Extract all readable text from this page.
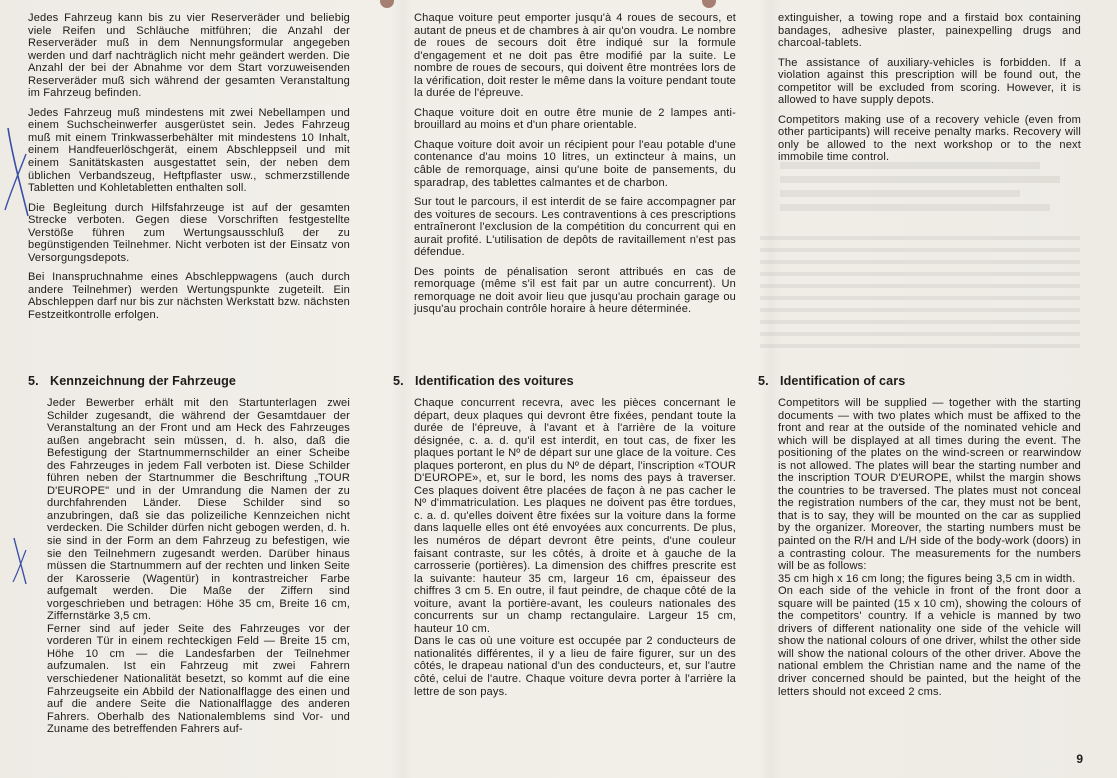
Jedes Fahrzeug kann bis zu vier Reserveräder und beliebig viele Reifen und Schläuche mitführen; die Anzahl der Reserveräder muß in dem Nennungsformular angegeben werden und darf nachträglich nicht mehr geändert werden. Die Anzahl der bei der Abnahme vor dem Start vorzuweisenden Reserveräder muß sich während der gesamten Veranstaltung im Fahrzeug befinden.

Jedes Fahrzeug muß mindestens mit zwei Nebellampen und einem Suchscheinwerfer ausgerüstet sein. Jedes Fahrzeug muß mit einem Trinkwasserbehälter mit mindestens 10 Inhalt, einem Handfeuerlöschgerät, einem Abschleppseil und mit einem Sanitätskasten ausgestattet sein, der neben dem üblichen Verbandszeug, Heftpflaster usw., schmerzstillende Tabletten und Kohletabletten enthalten soll.

Die Begleitung durch Hilfsfahrzeuge ist auf der gesamten Strecke verboten. Gegen diese Vorschriften festgestellte Verstöße führen zum Wertungsausschluß der zu begünstigenden Teilnehmer. Nicht verboten ist der Einsatz von Versorgungsdepots.

Bei Inanspruchnahme eines Abschleppwagens (auch durch andere Teilnehmer) werden Wertungspunkte zugeteilt. Ein Abschleppen darf nur bis zur nächsten Werkstatt bzw. nächsten Festzeitkontrolle erfolgen.

Chaque voiture peut emporter jusqu'à 4 roues de secours, et autant de pneus et de chambres à air qu'on voudra. Le nombre de roues de secours doit être indiqué sur la formule d'engagement et ne doit pas être modifié par la suite. Le nombre de roues de secours, qui doivent être montrées lors de la vérification, doit rester le même dans la voiture pendant toute la durée de l'épreuve.

Chaque voiture doit en outre être munie de 2 lampes anti-brouillard au moins et d'un phare orientable.

Chaque voiture doit avoir un récipient pour l'eau potable d'une contenance d'au moins 10 litres, un extincteur à mains, un câble de remorquage, ainsi qu'une boite de pansements, du sparadrap, des tablettes calmantes et de charbon.

Sur tout le parcours, il est interdit de se faire accompagner par des voitures de secours. Les contraventions à ces prescriptions entraîneront l'exclusion de la compétition du concurrent qui en aurait profité. L'utilisation de depôts de ravitaillement n'est pas défendue.

Des points de pénalisation seront attribués en cas de remorquage (même s'il est fait par un autre concurrent). Un remorquage ne doit avoir lieu que jusqu'au prochain garage ou jusqu'au prochain contrôle horaire à heure déterminée.

extinguisher, a towing rope and a firstaid box containing bandages, adhesive plaster, painexpelling drugs and charcoal-tablets.

The assistance of auxiliary-vehicles is forbidden. If a violation against this prescription will be found out, the competitor will be excluded from scoring. However, it is allowed to have supply depots.

Competitors making use of a recovery vehicle (even from other participants) will receive penalty marks. Recovery will only be allowed to the next workshop or to the next immobile time control.

5. Kennzeichnung der Fahrzeuge	5. Identification des voitures	5. Identification of cars

Jeder Bewerber erhält mit den Startunterlagen zwei Schilder zugesandt, die während der Gesamtdauer der Veranstaltung an der Front und am Heck des Fahrzeuges außen angebracht sein müssen, d. h. also, daß die Befestigung der Startnummernschilder an einer Scheibe des Fahrzeuges in jedem Fall verboten ist. Diese Schilder führen neben der Startnummer die Beschriftung „TOUR D'EUROPE" und in der Umrandung die Namen der zu durchfahrenden Länder. Diese Schilder sind so anzubringen, daß sie das polizeiliche Kennzeichen nicht verdecken. Die Schilder dürfen nicht gebogen werden, d. h. sie sind in der Form an dem Fahrzeug zu befestigen, wie sie den Teilnehmern zugesandt werden. Darüber hinaus müssen die Startnummern auf der rechten und linken Seite der Karosserie (Wagentür) in kontrastreicher Farbe aufgemalt werden. Die Maße der Ziffern sind vorgeschrieben und betragen: Höhe 35 cm, Breite 16 cm, Ziffernstärke 3,5 cm.

Ferner sind auf jeder Seite des Fahrzeuges vor der vorderen Tür in einem rechteckigen Feld — Breite 15 cm, Höhe 10 cm — die Landesfarben der Teilnehmer aufzumalen. Ist ein Fahrzeug mit zwei Fahrern verschiedener Nationalität besetzt, so kommt auf die eine Fahrzeugseite ein Abbild der Nationalflagge des einen und auf die andere Seite die Nationalflagge des anderen Fahrers. Oberhalb des Nationalemblems sind Vor- und Zuname des betreffenden Fahrers auf-

Chaque concurrent recevra, avec les pièces concernant le départ, deux plaques qui devront être fixées, pendant toute la durée de l'épreuve, à l'avant et à l'arrière de la voiture désignée, c. a. d. qu'il est interdit, en tout cas, de fixer les plaques portant le Nº de départ sur une glace de la voiture. Ces plaques porteront, en plus du Nº de départ, l'inscription «TOUR D'EUROPE», et, sur le bord, les noms des pays à traverser. Ces plaques doivent être placées de façon à ne pas cacher le Nº d'immatriculation. Les plaques ne doivent pas être tordues, c. a. d. qu'elles doivent être fixées sur la voiture dans la forme dans laquelle elles ont été envoyées aux concurrents. De plus, les numéros de départ devront être peints, d'une couleur faisant contraste, sur les côtés, à droite et à gauche de la carrosserie (portières). La dimension des chiffres prescrite est la suivante: hauteur 35 cm, largeur 16 cm, épaisseur des chiffres 3 cm 5. En outre, il faut peindre, de chaque côté de la voiture, avant la portière-avant, les couleurs nationales des concurrents sur un champ rectangulaire. Largeur 15 cm, hauteur 10 cm.

Dans le cas où une voiture est occupée par 2 conducteurs de nationalités différentes, il y a lieu de faire figurer, sur un des côtés, le drapeau national d'un des conducteurs, et, sur l'autre côté, celui de l'autre. Chaque voiture devra porter à l'arrière la lettre de son pays.

Competitors will be supplied — together with the starting documents — with two plates which must be affixed to the front and rear at the outside of the nominated vehicle and which will be displayed at all times during the event. The positioning of the plates on the wind-screen or rearwindow is not allowed. The plates will bear the starting number and the inscription TOUR D'EUROPE, whilst the margin shows the countries to be traversed. The plates must not conceal the registration numbers of the car, they must not be bent, that is to say, they will be mounted on the car as supplied by the organizer. Moreover, the starting numbers must be painted on the R/H and L/H side of the body-work (doors) in a contrasting colour. The measurements for the numbers will be as follows:

35 cm high x 16 cm long; the figures being 3,5 cm in width.

On each side of the vehicle in front of the front door a square will be painted (15 x 10 cm), showing the colours of the competitors' country. If a vehicle is manned by two drivers of different nationality one side of the vehicle will show the national colours of one driver, whilst the other side will show the national colours of the other driver. Above the national emblem the Christian name and the name of the driver concerned should be painted, but the height of the letters should not exceed 2 cms.

9
